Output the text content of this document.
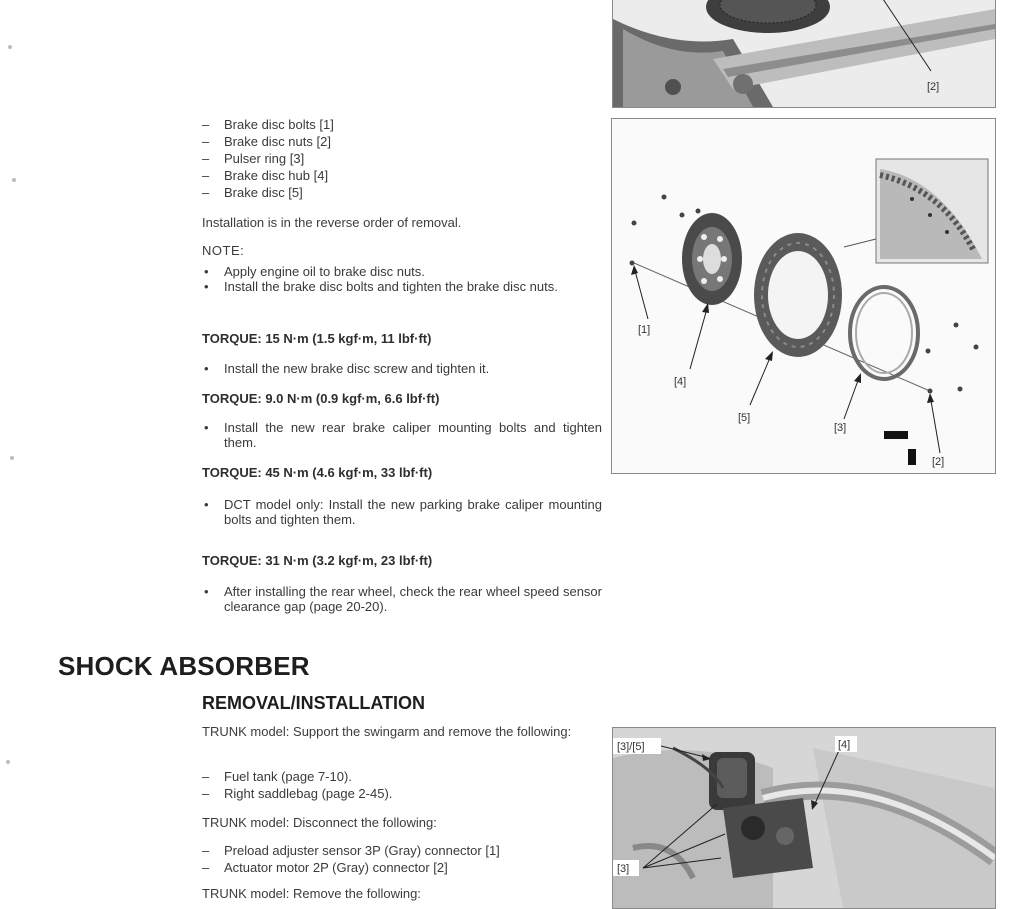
[2]
– Brake disc bolts [1]
– Brake disc nuts [2]
– Pulser ring [3]
– Brake disc hub [4]
– Brake disc [5]
Installation is in the reverse order of removal.
NOTE:
• Apply engine oil to brake disc nuts.
• Install the brake disc bolts and tighten the brake disc nuts.
TORQUE: 15 N·m (1.5 kgf·m, 11 lbf·ft)
• Install the new brake disc screw and tighten it.
TORQUE: 9.0 N·m (0.9 kgf·m, 6.6 lbf·ft)
• Install the new rear brake caliper mounting bolts and tighten them.
TORQUE: 45 N·m (4.6 kgf·m, 33 lbf·ft)
• DCT model only: Install the new parking brake caliper mounting bolts and tighten them.
TORQUE: 31 N·m (3.2 kgf·m, 23 lbf·ft)
• After installing the rear wheel, check the rear wheel speed sensor clearance gap (page 20-20).
[1]
[4]
[5]
[3]
[2]
SHOCK ABSORBER
REMOVAL/INSTALLATION
TRUNK model: Support the swingarm and remove the following:
– Fuel tank (page 7-10).
– Right saddlebag (page 2-45).
TRUNK model: Disconnect the following:
– Preload adjuster sensor 3P (Gray) connector [1]
– Actuator motor 2P (Gray) connector [2]
TRUNK model: Remove the following:
[3]/[5]	[4]
[3]
